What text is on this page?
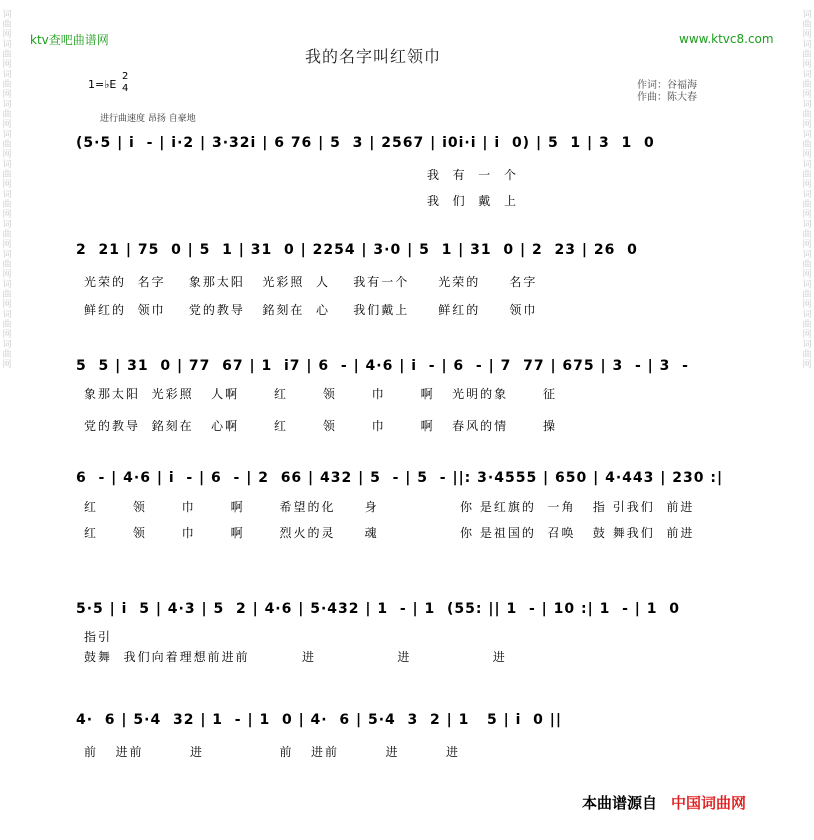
词曲网词曲网词曲网词曲网词曲网词曲网词曲网词曲网词曲网词曲网词曲网词曲网
词曲网词曲网词曲网词曲网词曲网词曲网词曲网词曲网词曲网词曲网词曲网词曲网
ktv查吧曲谱网	www.ktvc8.com
我的名字叫红领巾
1=♭E
2
4
进行曲速度 昂扬 自豪地
作词：谷福海
作曲：陈大春
(5·5 | i  - | i·2 | 3·32i | 6 76 | 5  3 | 2567 | i0i·i | i  0) | 5  1 | 3  1  0
我  有  一  个
我  们  戴  上
2  21 | 75  0 | 5  1 | 31  0 | 2254 | 3·0 | 5  1 | 31  0 | 2  23 | 26  0
光荣的  名字    象那太阳   光彩照  人    我有一个     光荣的     名字
鲜红的  领巾    党的教导   銘刻在  心    我们戴上     鲜红的     领巾
5  5 | 31  0 | 77  67 | 1  i7 | 6  - | 4·6 | i  - | 6  - | 7  77 | 675 | 3  - | 3  -
象那太阳  光彩照   人啊      红      领      巾      啊   光明的象      征
党的教导  銘刻在   心啊      红      领      巾      啊   春风的情      操
6  - | 4·6 | i  - | 6  - | 2  66 | 432 | 5  - | 5  - ||: 3·4555 | 650 | 4·443 | 230 :|
红      领      巾      啊      希望的化     身              你 是红旗的  一角   指 引我们  前进
红      领      巾      啊      烈火的灵     魂              你 是祖国的  召唤   鼓 舞我们  前进
5·5 | i  5 | 4·3 | 5  2 | 4·6 | 5·432 | 1  - | 1  (55: || 1  - | 10 :| 1  - | 1  0
指引
鼓舞  我们向着理想前进前         进              进              进
4·  6 | 5·4  32 | 1  - | 1  0 | 4·  6 | 5·4  3  2 | 1   5 | i  0 ||
前   进前        进             前   进前        进        进
本曲谱源自 中国词曲网
